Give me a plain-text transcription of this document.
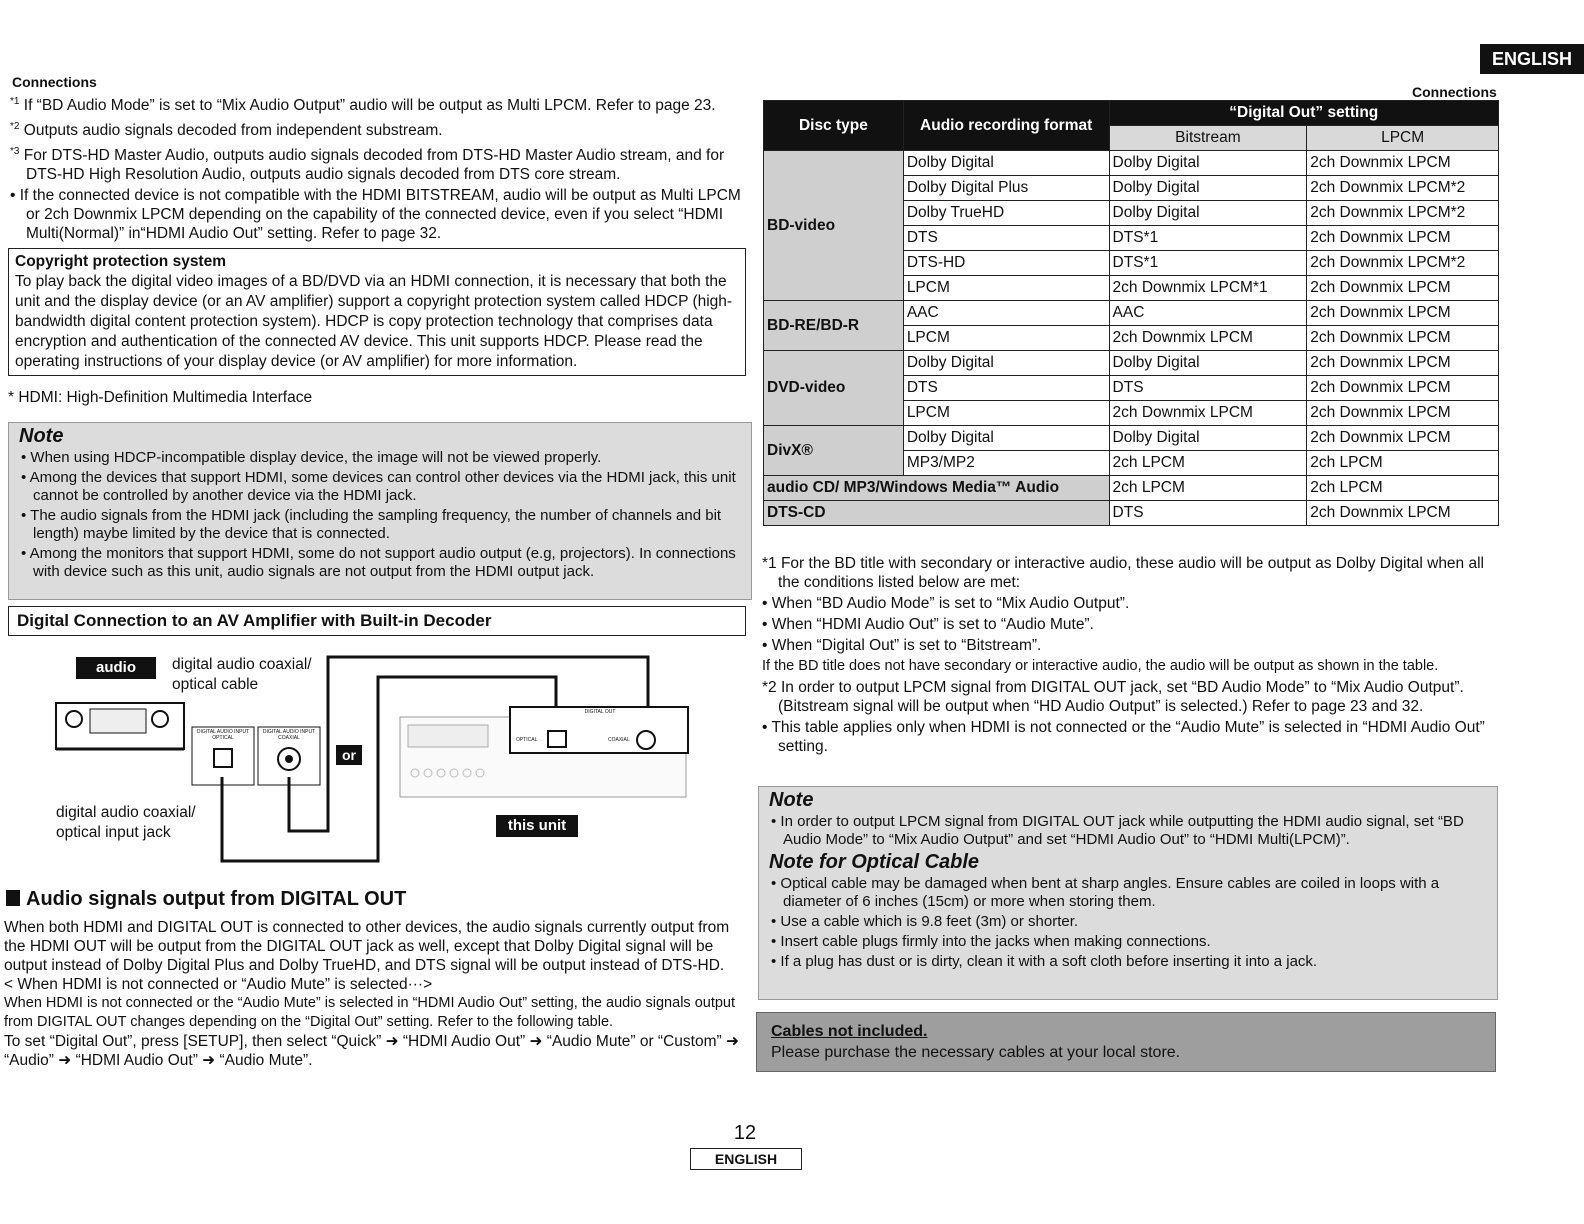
ENGLISH
Connections

$^{*1}$ If “BD Audio Mode” is set to “Mix Audio Output” audio will be output as Multi LPCM. Refer to page 23.

$^{*2}$ Outputs audio signals decoded from independent substream.

$^{*3}$ For DTS-HD Master Audio, outputs audio signals decoded from DTS-HD Master Audio stream, and for DTS-HD High Resolution Audio, outputs audio signals decoded from DTS core stream.

• If the connected device is not compatible with the HDMI BITSTREAM, audio will be output as Multi LPCM or 2ch Downmix LPCM depending on the capability of the connected device, even if you select “HDMI Multi(Normal)” in“HDMI Audio Out” setting. Refer to page 32.

Copyright protection system
To play back the digital video images of a BD/DVD via an HDMI connection, it is necessary that both the unit and the display device (or an AV amplifier) support a copyright protection system called HDCP (high-bandwidth digital content protection system). HDCP is copy protection technology that comprises data encryption and authentication of the connected AV device. This unit supports HDCP. Please read the operating instructions of your display device (or AV amplifier) for more information.
* HDMI: High-Definition Multimedia Interface
Note
• When using HDCP-incompatible display device, the image will not be viewed properly.
• Among the devices that support HDMI, some devices can control other devices via the HDMI jack, this unit cannot be controlled by another device via the HDMI jack.
• The audio signals from the HDMI jack (including the sampling frequency, the number of channels and bit length) maybe limited by the device that is connected.
• Among the monitors that support HDMI, some do not support audio output (e.g, projectors). In connections with device such as this unit, audio signals are not output from the HDMI output jack.
Digital Connection to an AV Amplifier with Built-in Decoder
audio	digital audio coaxial/
optical cable
or
this unit
DIGITAL AUDIO INPUT
OPTICAL
DIGITAL AUDIO INPUT
COAXIAL
DIGITAL OUT
OPTICAL	COAXIAL
digital audio coaxial/
optical input jack
Audio signals output from DIGITAL OUT
When both HDMI and DIGITAL OUT is connected to other devices, the audio signals currently output from the HDMI OUT will be output from the DIGITAL OUT jack as well, except that Dolby Digital signal will be output instead of Dolby Digital Plus and Dolby TrueHD, and DTS signal will be output instead of DTS-HD.
< When HDMI is not connected or “Audio Mute” is selected···>
When HDMI is not connected or the “Audio Mute” is selected in “HDMI Audio Out” setting, the audio signals output from DIGITAL OUT changes depending on the “Digital Out” setting. Refer to the following table.
To set “Digital Out”, press [SETUP], then select “Quick” ➜ “HDMI Audio Out” ➜ “Audio Mute” or “Custom” ➜ “Audio” ➜ “HDMI Audio Out” ➜ “Audio Mute”.
Connections
Disc type	Audio recording format	“Digital Out” setting	
		Bitstream	LPCM
BD-video	Dolby Digital	Dolby Digital	2ch Downmix LPCM
	Dolby Digital Plus	Dolby Digital	2ch Downmix LPCM*2
	Dolby TrueHD	Dolby Digital	2ch Downmix LPCM*2
	DTS	DTS*1	2ch Downmix LPCM
	DTS-HD	DTS*1	2ch Downmix LPCM*2
	LPCM	2ch Downmix LPCM*1	2ch Downmix LPCM
BD-RE/BD-R	AAC	AAC	2ch Downmix LPCM
	LPCM	2ch Downmix LPCM	2ch Downmix LPCM
DVD-video	Dolby Digital	Dolby Digital	2ch Downmix LPCM
	DTS	DTS	2ch Downmix LPCM
	LPCM	2ch Downmix LPCM	2ch Downmix LPCM
DivX®	Dolby Digital	Dolby Digital	2ch Downmix LPCM
	MP3/MP2	2ch LPCM	2ch LPCM
audio CD/ MP3/Windows Media™ Audio		2ch LPCM	2ch LPCM
DTS-CD		DTS	2ch Downmix LPCM

*1 For the BD title with secondary or interactive audio, these audio will be output as Dolby Digital when all the conditions listed below are met:

• When “BD Audio Mode” is set to “Mix Audio Output”.

• When “HDMI Audio Out” is set to “Audio Mute”.

• When “Digital Out” is set to “Bitstream”.

If the BD title does not have secondary or interactive audio, the audio will be output as shown in the table.

*2 In order to output LPCM signal from DIGITAL OUT jack, set “BD Audio Mode” to “Mix Audio Output”. (Bitstream signal will be output when “HD Audio Output” is selected.) Refer to page 23 and 32.

• This table applies only when HDMI is not connected or the “Audio Mute” is selected in “HDMI Audio Out” setting.

Note
• In order to output LPCM signal from DIGITAL OUT jack while outputting the HDMI audio signal, set “BD Audio Mode” to “Mix Audio Output” and set “HDMI Audio Out” to “HDMI Multi(LPCM)”.
Note for Optical Cable
• Optical cable may be damaged when bent at sharp angles. Ensure cables are coiled in loops with a diameter of 6 inches (15cm) or more when storing them.
• Use a cable which is 9.8 feet (3m) or shorter.
• Insert cable plugs firmly into the jacks when making connections.
• If a plug has dust or is dirty, clean it with a soft cloth before inserting it into a jack.
Cables not included.
Please purchase the necessary cables at your local store.
12
ENGLISH
